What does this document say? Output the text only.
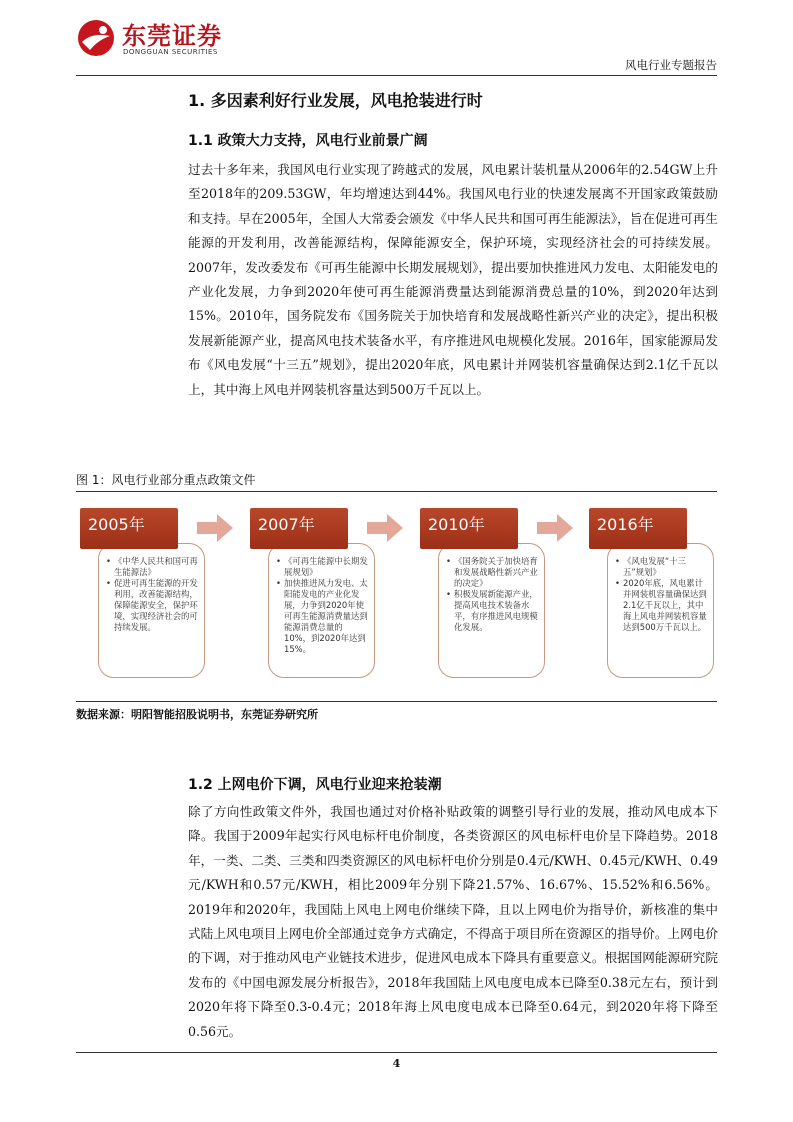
东莞证券
DONGGUAN SECURITIES
风电行业专题报告
1. 多因素利好行业发展，风电抢装进行时
1.1 政策大力支持，风电行业前景广阔
过去十多年来，我国风电行业实现了跨越式的发展，风电累计装机量从2006年的2.54GW上升至2018年的209.53GW，年均增速达到44%。我国风电行业的快速发展离不开国家政策鼓励和支持。早在2005年，全国人大常委会颁发《中华人民共和国可再生能源法》，旨在促进可再生能源的开发利用，改善能源结构，保障能源安全，保护环境，实现经济社会的可持续发展。2007年，发改委发布《可再生能源中长期发展规划》，提出要加快推进风力发电、太阳能发电的产业化发展，力争到2020年使可再生能源消费量达到能源消费总量的10%，到2020年达到15%。2010年，国务院发布《国务院关于加快培育和发展战略性新兴产业的决定》，提出积极发展新能源产业，提高风电技术装备水平，有序推进风电规模化发展。2016年，国家能源局发布《风电发展“十三五”规划》，提出2020年底，风电累计并网装机容量确保达到2.1亿千瓦以上，其中海上风电并网装机容量达到500万千瓦以上。
图 1：风电行业部分重点政策文件
• 《中华人民共和国可再生能源法》
• 促进可再生能源的开发利用，改善能源结构，保障能源安全，保护环境，实现经济社会的可持续发展。
2005年
• 《可再生能源中长期发展规划》
• 加快推进风力发电、太阳能发电的产业化发展，力争到2020年使可再生能源消费量达到能源消费总量的10%，到2020年达到15%。
2007年
• 《国务院关于加快培育和发展战略性新兴产业的决定》
• 积极发展新能源产业，提高风电技术装备水平，有序推进风电规模化发展。
2010年
• 《风电发展“十三五”规划》
• 2020年底，风电累计并网装机容量确保达到2.1亿千瓦以上，其中海上风电并网装机容量达到500万千瓦以上。
2016年
数据来源：明阳智能招股说明书，东莞证券研究所
1.2 上网电价下调，风电行业迎来抢装潮
除了方向性政策文件外，我国也通过对价格补贴政策的调整引导行业的发展，推动风电成本下降。我国于2009年起实行风电标杆电价制度，各类资源区的风电标杆电价呈下降趋势。2018年，一类、二类、三类和四类资源区的风电标杆电价分别是0.4元/KWH、0.45元/KWH、0.49元/KWH和0.57元/KWH，相比2009年分别下降21.57%、16.67%、15.52%和6.56%。2019年和2020年，我国陆上风电上网电价继续下降，且以上网电价为指导价，新核准的集中式陆上风电项目上网电价全部通过竞争方式确定，不得高于项目所在资源区的指导价。上网电价的下调，对于推动风电产业链技术进步，促进风电成本下降具有重要意义。根据国网能源研究院发布的《中国电源发展分析报告》，2018年我国陆上风电度电成本已降至0.38元左右，预计到2020年将下降至0.3-0.4元；2018年海上风电度电成本已降至0.64元，到2020年将下降至0.56元。
4
